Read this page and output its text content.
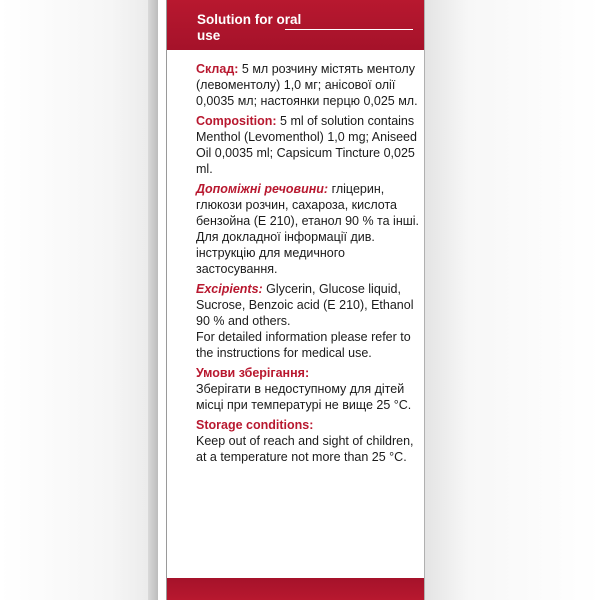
Solution for oral use

Склад: 5 мл розчину містять ментолу (левоментолу) 1,0 мг; анісової олії 0,0035 мл; настоянки перцю 0,025 мл.

Composition: 5 ml of solution contains Menthol (Levomenthol) 1,0 mg; Aniseed Oil 0,0035 ml; Capsicum Tincture 0,025 ml.

Допоміжні речовини: гліцерин, глюкози розчин, сахароза, кислота бензойна (Е 210), етанол 90 % та інші.
Для докладної інформації див. інструкцію для медичного застосування.

Excipients: Glycerin, Glucose liquid, Sucrose, Benzoic acid (E 210), Ethanol 90 % and others.
For detailed information please refer to the instructions for medical use.

Умови зберігання:
Зберігати в недоступному для дітей місці при температурі не вище 25 °С.

Storage conditions:
Keep out of reach and sight of children, at a temperature not more than 25 °C.
